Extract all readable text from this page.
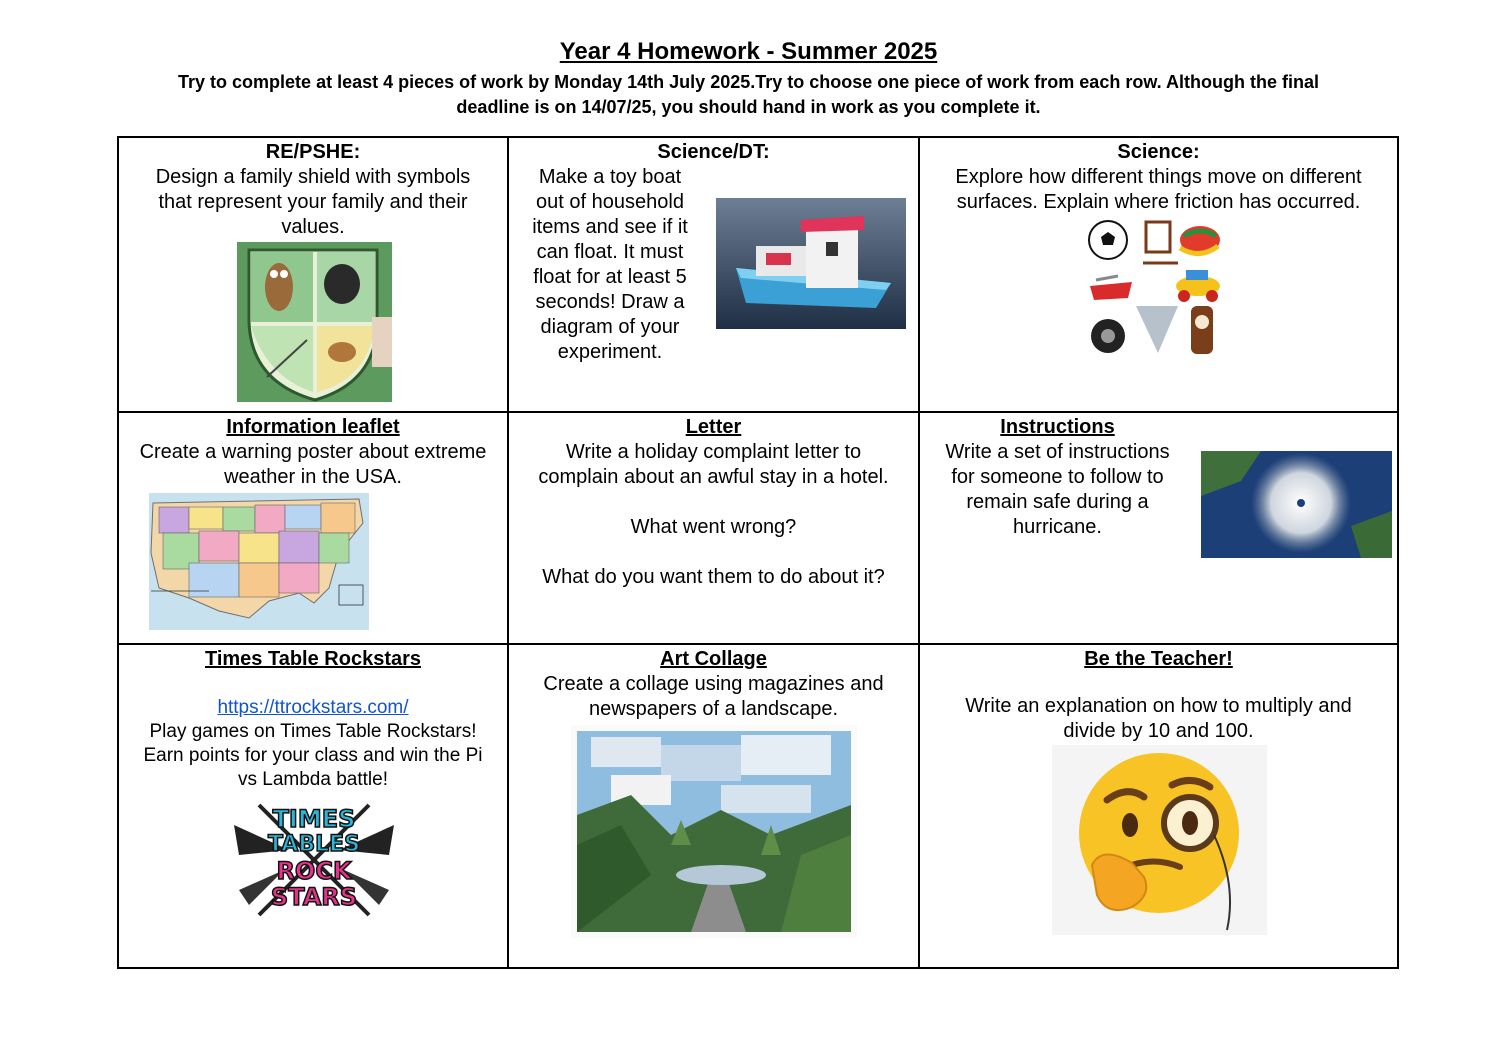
Year 4 Homework - Summer 2025

Try to complete at least 4 pieces of work by Monday 14th July 2025.Try to choose one piece of work from each row. Although the final

deadline is on 14/07/25, you should hand in work as you complete it.

RE/PSHE:
Design a family shield with symbols
that represent your family and their
values.
Science/DT:
Make a toy boat
out of household
items and see if it
can float. It must
float for at least 5
seconds! Draw a
diagram of your
experiment.
Science:
Explore how different things move on different
surfaces. Explain where friction has occurred.
Information leaflet
Create a warning poster about extreme
weather in the USA.
Letter
Write a holiday complaint letter to
complain about an awful stay in a hotel.
What went wrong?
What do you want them to do about it?
Instructions
Write a set of instructions
for someone to follow to
remain safe during a
hurricane.
Times Table Rockstars
https://ttrockstars.com/
Play games on Times Table Rockstars!
Earn points for your class and win the Pi
vs Lambda battle!
TIMES
TABLES
ROCK
STARS
Art Collage
Create a collage using magazines and
newspapers of a landscape.
Be the Teacher!
Write an explanation on how to multiply and
divide by 10 and 100.
